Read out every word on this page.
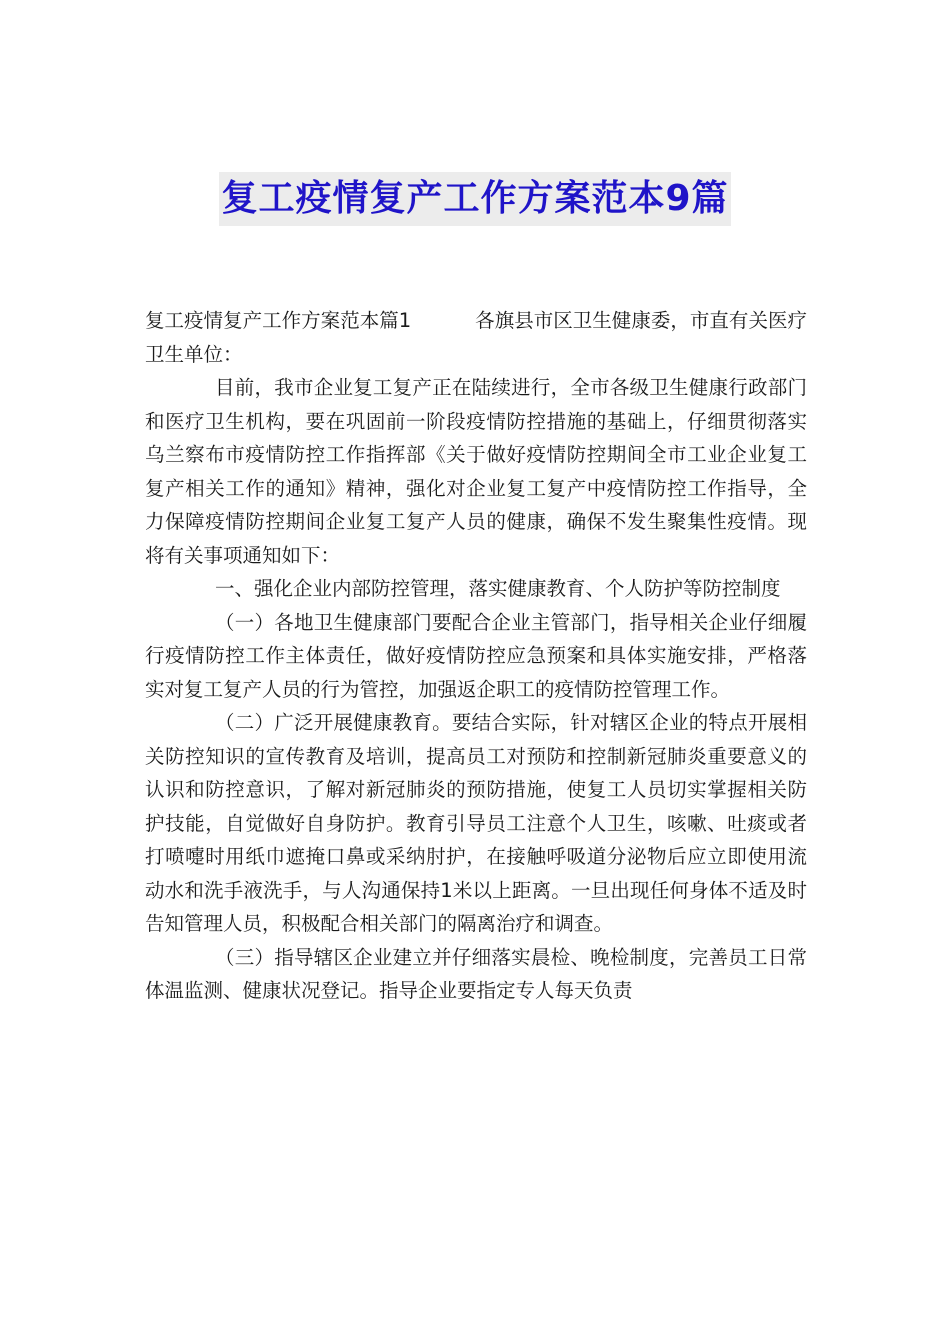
复工疫情复产工作方案范本9篇

复工疫情复产工作方案范本篇1	各旗县市区卫生健康委，市直有关医疗卫生单位：

目前，我市企业复工复产正在陆续进行，全市各级卫生健康行政部门和医疗卫生机构，要在巩固前一阶段疫情防控措施的基础上，仔细贯彻落实乌兰察布市疫情防控工作指挥部《关于做好疫情防控期间全市工业企业复工复产相关工作的通知》精神，强化对企业复工复产中疫情防控工作指导，全力保障疫情防控期间企业复工复产人员的健康，确保不发生聚集性疫情。现将有关事项通知如下：

一、强化企业内部防控管理，落实健康教育、个人防护等防控制度

（一）各地卫生健康部门要配合企业主管部门，指导相关企业仔细履行疫情防控工作主体责任，做好疫情防控应急预案和具体实施安排，严格落实对复工复产人员的行为管控，加强返企职工的疫情防控管理工作。

（二）广泛开展健康教育。要结合实际，针对辖区企业的特点开展相关防控知识的宣传教育及培训，提高员工对预防和控制新冠肺炎重要意义的认识和防控意识，了解对新冠肺炎的预防措施，使复工人员切实掌握相关防护技能，自觉做好自身防护。教育引导员工注意个人卫生，咳嗽、吐痰或者打喷嚏时用纸巾遮掩口鼻或采纳肘护，在接触呼吸道分泌物后应立即使用流动水和洗手液洗手，与人沟通保持1米以上距离。一旦出现任何身体不适及时告知管理人员，积极配合相关部门的隔离治疗和调查。

（三）指导辖区企业建立并仔细落实晨检、晚检制度，完善员工日常体温监测、健康状况登记。指导企业要指定专人每天负责
